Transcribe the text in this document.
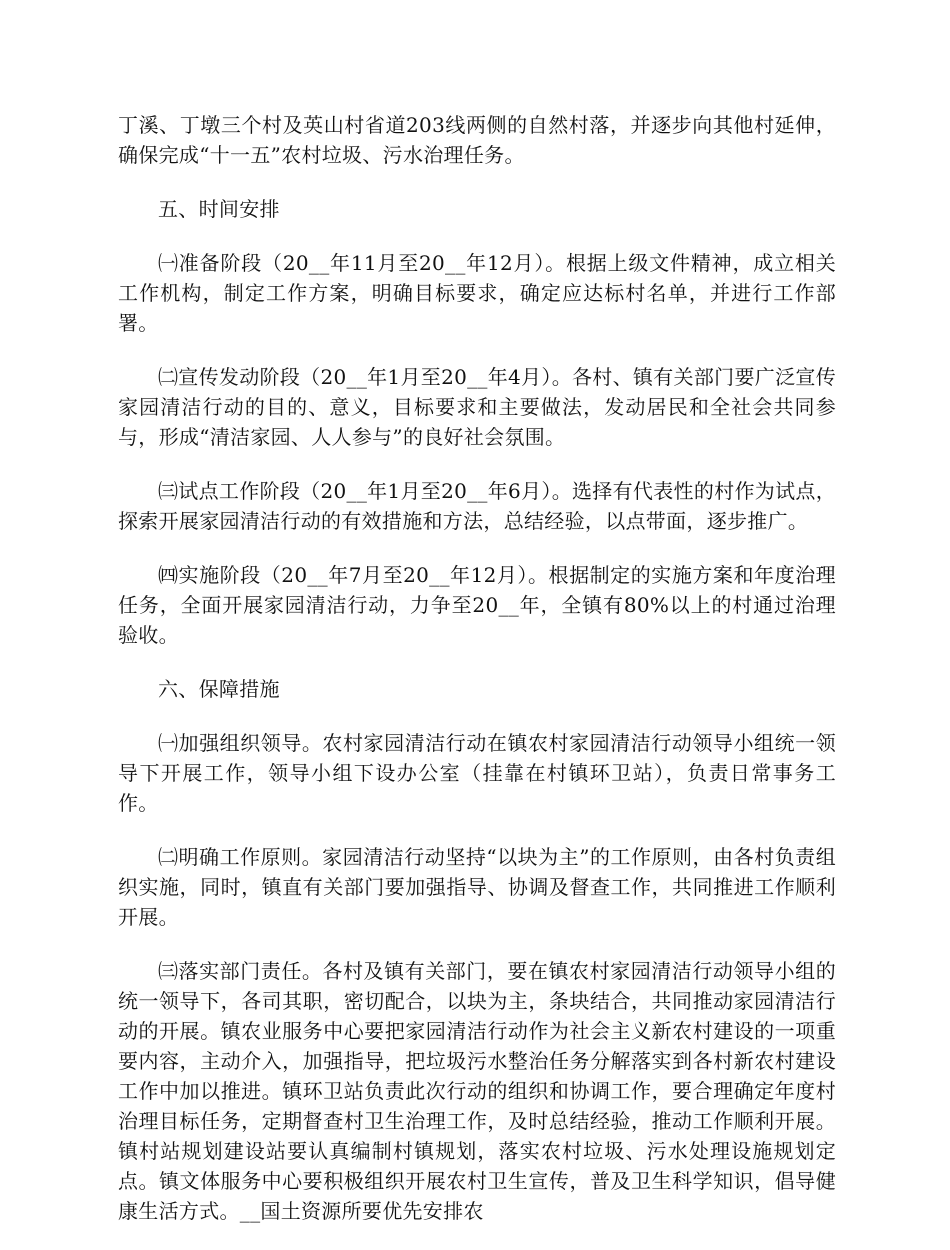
丁溪、丁墩三个村及英山村省道203线两侧的自然村落，并逐步向其他村延伸，确保完成“十一五”农村垃圾、污水治理任务。

五、时间安排

㈠准备阶段（20__年11月至20__年12月）。根据上级文件精神，成立相关工作机构，制定工作方案，明确目标要求，确定应达标村名单，并进行工作部署。

㈡宣传发动阶段（20__年1月至20__年4月）。各村、镇有关部门要广泛宣传家园清洁行动的目的、意义，目标要求和主要做法，发动居民和全社会共同参与，形成“清洁家园、人人参与”的良好社会氛围。

㈢试点工作阶段（20__年1月至20__年6月）。选择有代表性的村作为试点，探索开展家园清洁行动的有效措施和方法，总结经验，以点带面，逐步推广。

㈣实施阶段（20__年7月至20__年12月）。根据制定的实施方案和年度治理任务，全面开展家园清洁行动，力争至20__年，全镇有80%以上的村通过治理验收。

六、保障措施

㈠加强组织领导。农村家园清洁行动在镇农村家园清洁行动领导小组统一领导下开展工作，领导小组下设办公室（挂靠在村镇环卫站），负责日常事务工作。

㈡明确工作原则。家园清洁行动坚持“以块为主”的工作原则，由各村负责组织实施，同时，镇直有关部门要加强指导、协调及督查工作，共同推进工作顺利开展。

㈢落实部门责任。各村及镇有关部门，要在镇农村家园清洁行动领导小组的统一领导下，各司其职，密切配合，以块为主，条块结合，共同推动家园清洁行动的开展。镇农业服务中心要把家园清洁行动作为社会主义新农村建设的一项重要内容，主动介入，加强指导，把垃圾污水整治任务分解落实到各村新农村建设工作中加以推进。镇环卫站负责此次行动的组织和协调工作，要合理确定年度村治理目标任务，定期督查村卫生治理工作，及时总结经验，推动工作顺利开展。镇村站规划建设站要认真编制村镇规划，落实农村垃圾、污水处理设施规划定点。镇文体服务中心要积极组织开展农村卫生宣传，普及卫生科学知识，倡导健康生活方式。__国土资源所要优先安排农
